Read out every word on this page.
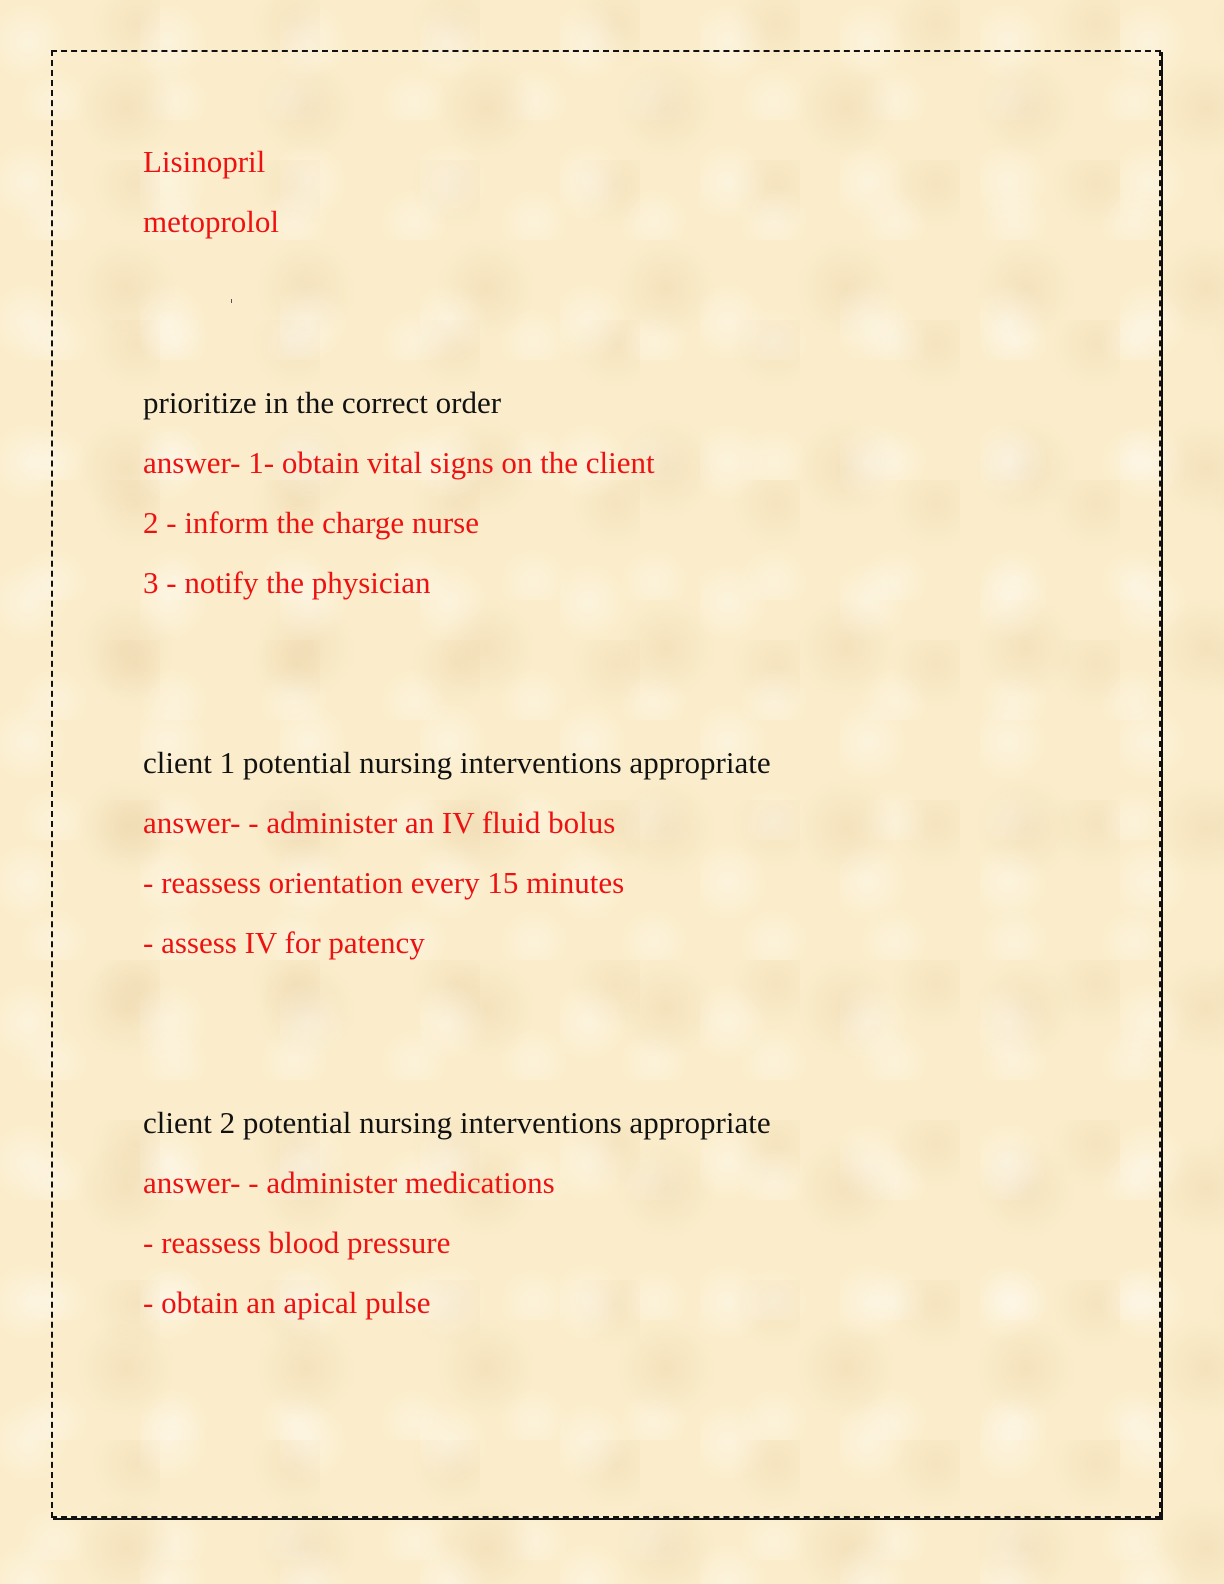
Lisinopril

metoprolol

prioritize in the correct order

answer- 1- obtain vital signs on the client

2 - inform the charge nurse

3 - notify the physician

client 1 potential nursing interventions appropriate

answer- - administer an IV fluid bolus

- reassess orientation every 15 minutes

- assess IV for patency

client 2 potential nursing interventions appropriate

answer- - administer medications

- reassess blood pressure

- obtain an apical pulse
